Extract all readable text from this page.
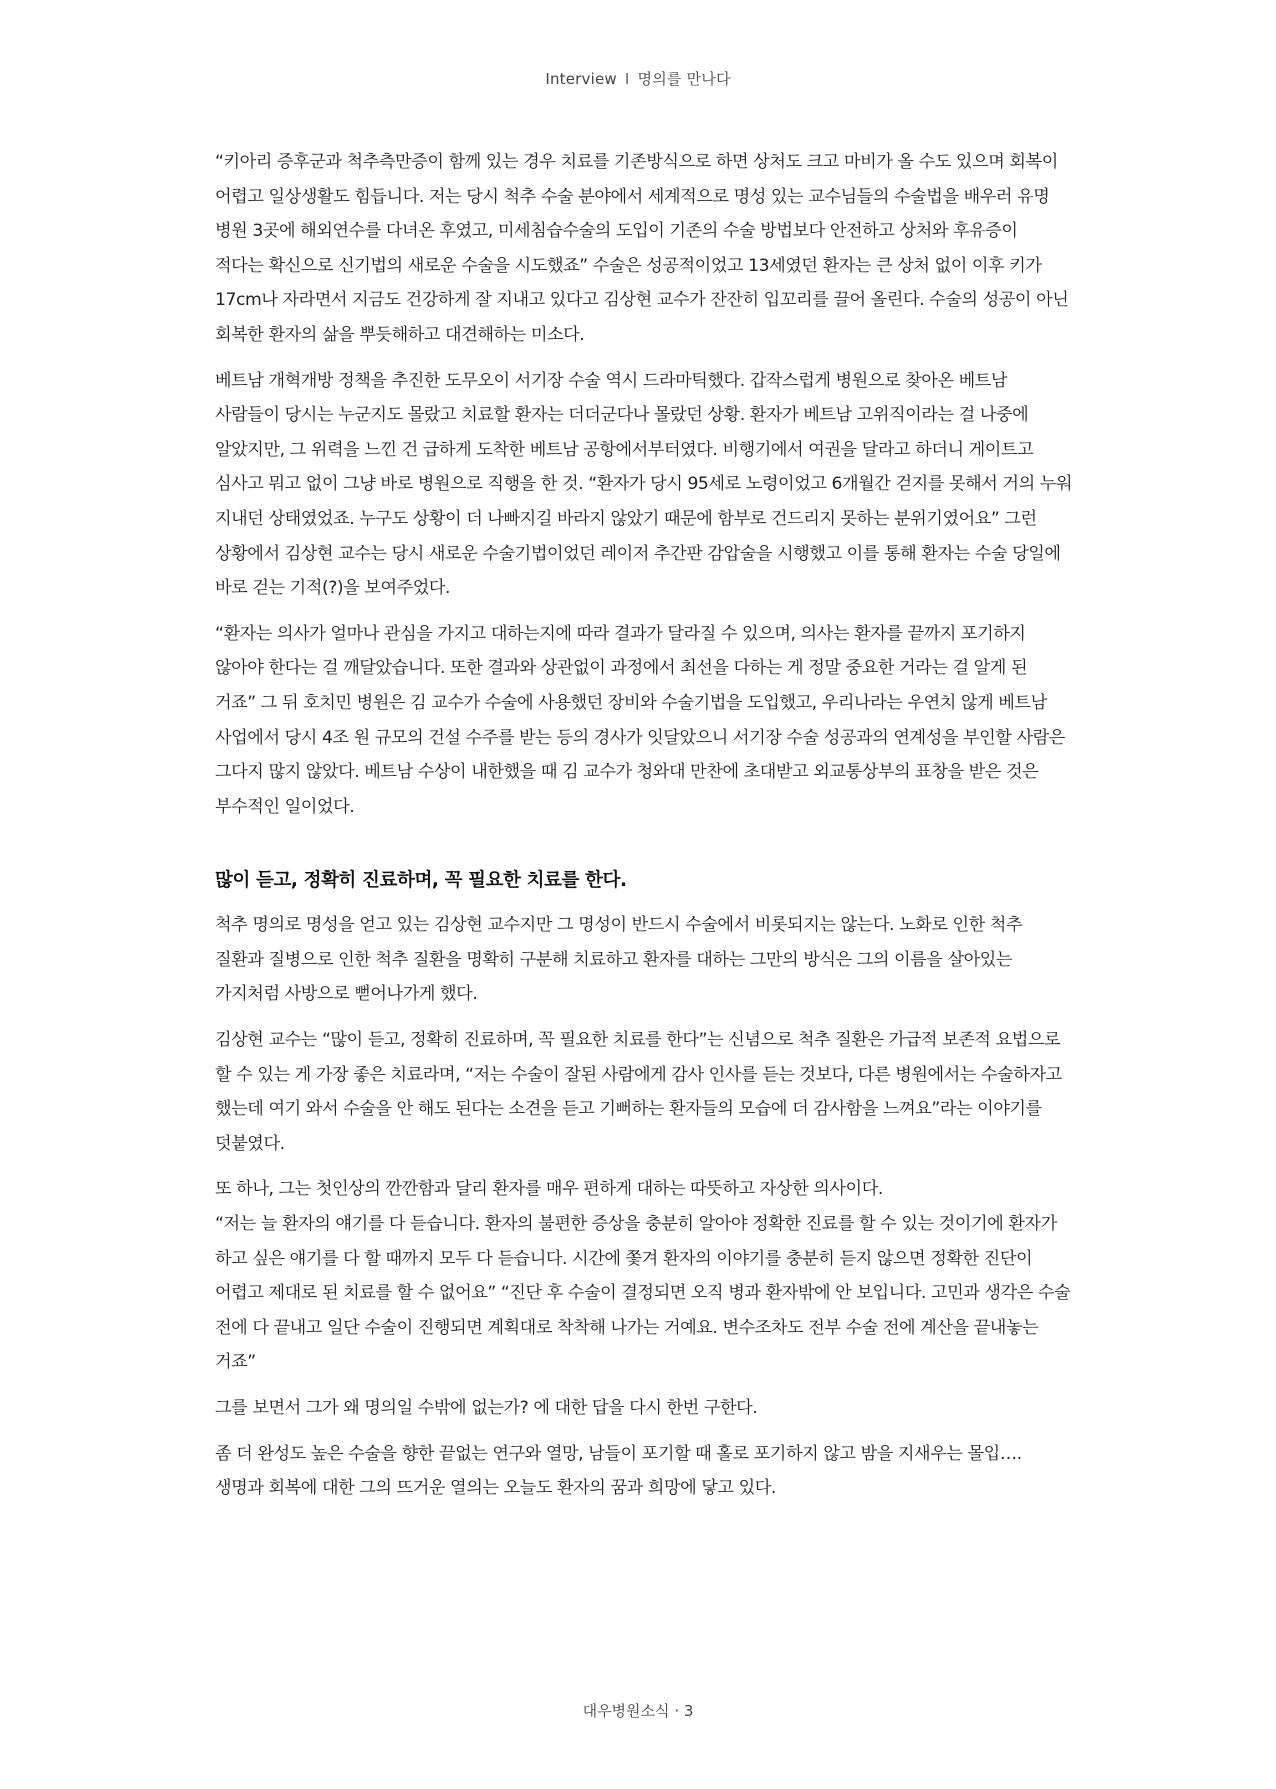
Interview I 명의를 만나다

“키아리 증후군과 척추측만증이 함께 있는 경우 치료를 기존방식으로 하면 상처도 크고 마비가 올 수도 있으며 회복이
어렵고 일상생활도 힘듭니다. 저는 당시 척추 수술 분야에서 세계적으로 명성 있는 교수님들의 수술법을 배우러 유명
병원 3곳에 해외연수를 다녀온 후였고, 미세침습수술의 도입이 기존의 수술 방법보다 안전하고 상처와 후유증이
적다는 확신으로 신기법의 새로운 수술을 시도했죠” 수술은 성공적이었고 13세였던 환자는 큰 상처 없이 이후 키가
17cm나 자라면서 지금도 건강하게 잘 지내고 있다고 김상현 교수가 잔잔히 입꼬리를 끌어 올린다. 수술의 성공이 아닌
회복한 환자의 삶을 뿌듯해하고 대견해하는 미소다.

베트남 개혁개방 정책을 추진한 도무오이 서기장 수술 역시 드라마틱했다. 갑작스럽게 병원으로 찾아온 베트남
사람들이 당시는 누군지도 몰랐고 치료할 환자는 더더군다나 몰랐던 상황. 환자가 베트남 고위직이라는 걸 나중에
알았지만, 그 위력을 느낀 건 급하게 도착한 베트남 공항에서부터였다. 비행기에서 여권을 달라고 하더니 게이트고
심사고 뭐고 없이 그냥 바로 병원으로 직행을 한 것. “환자가 당시 95세로 노령이었고 6개월간 걷지를 못해서 거의 누워
지내던 상태였었죠. 누구도 상황이 더 나빠지길 바라지 않았기 때문에 함부로 건드리지 못하는 분위기였어요” 그런
상황에서 김상현 교수는 당시 새로운 수술기법이었던 레이저 추간판 감압술을 시행했고 이를 통해 환자는 수술 당일에
바로 걷는 기적(?)을 보여주었다.

“환자는 의사가 얼마나 관심을 가지고 대하는지에 따라 결과가 달라질 수 있으며, 의사는 환자를 끝까지 포기하지
않아야 한다는 걸 깨달았습니다. 또한 결과와 상관없이 과정에서 최선을 다하는 게 정말 중요한 거라는 걸 알게 된
거죠” 그 뒤 호치민 병원은 김 교수가 수술에 사용했던 장비와 수술기법을 도입했고, 우리나라는 우연치 않게 베트남
사업에서 당시 4조 원 규모의 건설 수주를 받는 등의 경사가 잇달았으니 서기장 수술 성공과의 연계성을 부인할 사람은
그다지 많지 않았다. 베트남 수상이 내한했을 때 김 교수가 청와대 만찬에 초대받고 외교통상부의 표창을 받은 것은
부수적인 일이었다.

많이 듣고, 정확히 진료하며, 꼭 필요한 치료를 한다.

척추 명의로 명성을 얻고 있는 김상현 교수지만 그 명성이 반드시 수술에서 비롯되지는 않는다. 노화로 인한 척추
질환과 질병으로 인한 척추 질환을 명확히 구분해 치료하고 환자를 대하는 그만의 방식은 그의 이름을 살아있는
가지처럼 사방으로 뻗어나가게 했다.

김상현 교수는 “많이 듣고, 정확히 진료하며, 꼭 필요한 치료를 한다”는 신념으로 척추 질환은 가급적 보존적 요법으로
할 수 있는 게 가장 좋은 치료라며, “저는 수술이 잘된 사람에게 감사 인사를 듣는 것보다, 다른 병원에서는 수술하자고
했는데 여기 와서 수술을 안 해도 된다는 소견을 듣고 기뻐하는 환자들의 모습에 더 감사함을 느껴요”라는 이야기를
덧붙였다.

또 하나, 그는 첫인상의 깐깐함과 달리 환자를 매우 편하게 대하는 따뜻하고 자상한 의사이다.
“저는 늘 환자의 얘기를 다 듣습니다. 환자의 불편한 증상을 충분히 알아야 정확한 진료를 할 수 있는 것이기에 환자가
하고 싶은 얘기를 다 할 때까지 모두 다 듣습니다. 시간에 쫓겨 환자의 이야기를 충분히 듣지 않으면 정확한 진단이
어렵고 제대로 된 치료를 할 수 없어요” “진단 후 수술이 결정되면 오직 병과 환자밖에 안 보입니다. 고민과 생각은 수술
전에 다 끝내고 일단 수술이 진행되면 계획대로 착착해 나가는 거예요. 변수조차도 전부 수술 전에 계산을 끝내놓는
거죠”

그를 보면서 그가 왜 명의일 수밖에 없는가? 에 대한 답을 다시 한번 구한다.

좀 더 완성도 높은 수술을 향한 끝없는 연구와 열망, 남들이 포기할 때 홀로 포기하지 않고 밤을 지새우는 몰입….
생명과 회복에 대한 그의 뜨거운 열의는 오늘도 환자의 꿈과 희망에 닿고 있다.

대우병원소식 · 3
